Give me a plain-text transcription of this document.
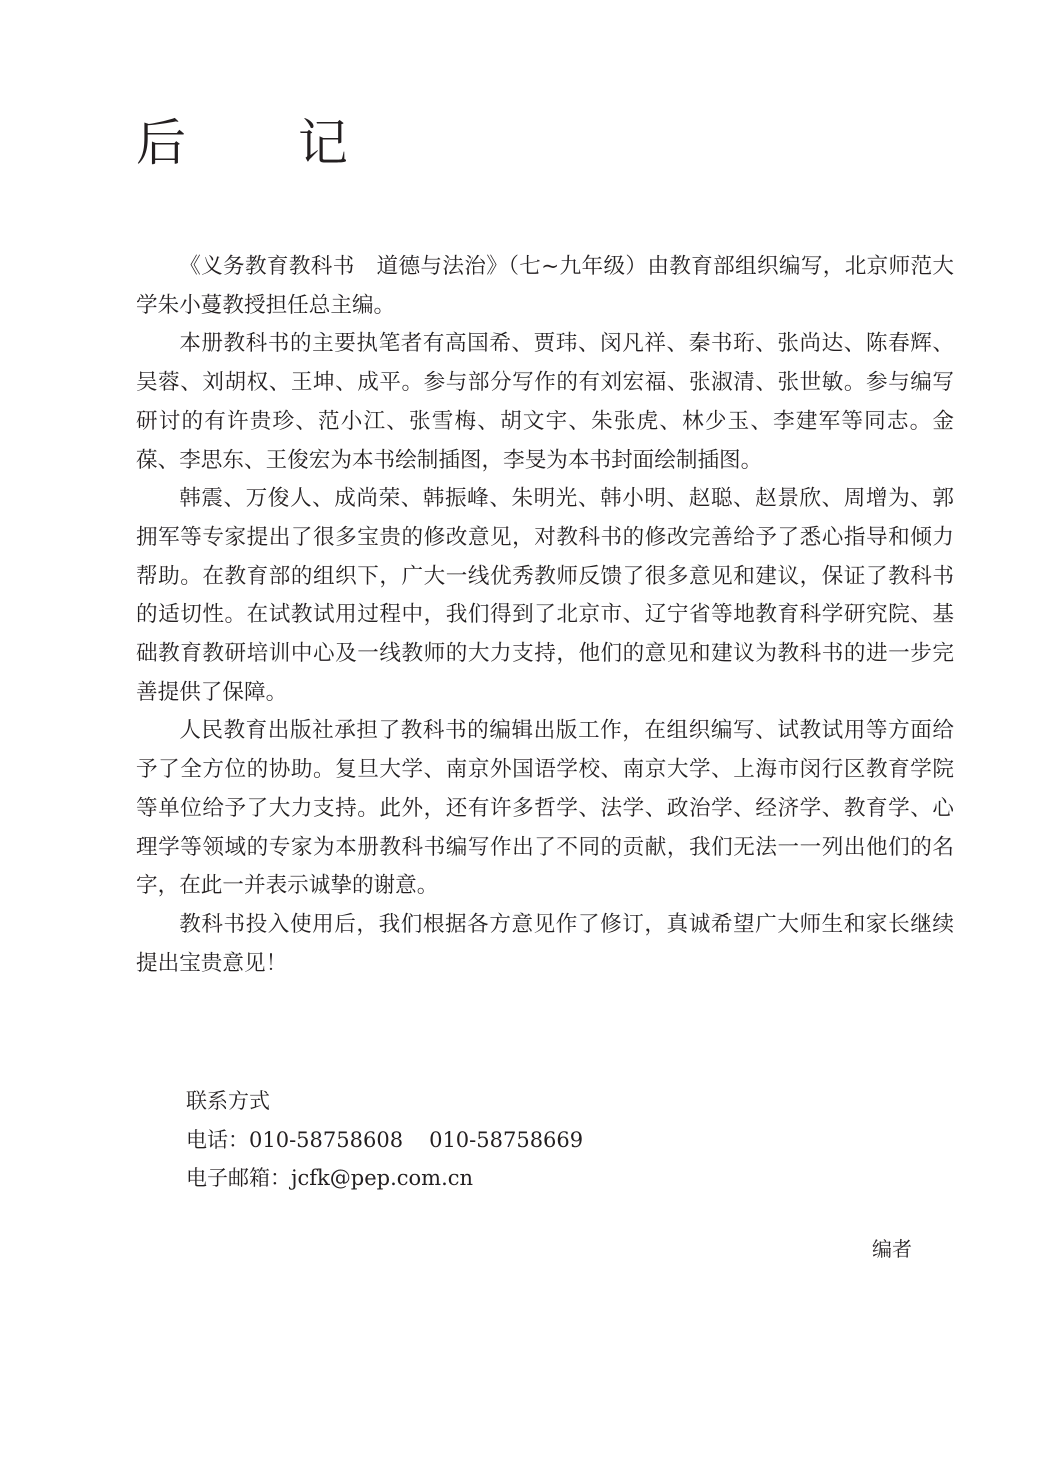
后 记

《义务教育教科书　道德与法治》（七~九年级）由教育部组织编写，北京师范大学朱小蔓教授担任总主编。

本册教科书的主要执笔者有高国希、贾玮、闵凡祥、秦书珩、张尚达、陈春辉、吴蓉、刘胡权、王坤、成平。参与部分写作的有刘宏福、张淑清、张世敏。参与编写研讨的有许贵珍、范小江、张雪梅、胡文宇、朱张虎、林少玉、李建军等同志。金葆、李思东、王俊宏为本书绘制插图，李旻为本书封面绘制插图。

韩震、万俊人、成尚荣、韩振峰、朱明光、韩小明、赵聪、赵景欣、周增为、郭拥军等专家提出了很多宝贵的修改意见，对教科书的修改完善给予了悉心指导和倾力帮助。在教育部的组织下，广大一线优秀教师反馈了很多意见和建议，保证了教科书的适切性。在试教试用过程中，我们得到了北京市、辽宁省等地教育科学研究院、基础教育教研培训中心及一线教师的大力支持，他们的意见和建议为教科书的进一步完善提供了保障。

人民教育出版社承担了教科书的编辑出版工作，在组织编写、试教试用等方面给予了全方位的协助。复旦大学、南京外国语学校、南京大学、上海市闵行区教育学院等单位给予了大力支持。此外，还有许多哲学、法学、政治学、经济学、教育学、心理学等领域的专家为本册教科书编写作出了不同的贡献，我们无法一一列出他们的名字，在此一并表示诚挚的谢意。

教科书投入使用后，我们根据各方意见作了修订，真诚希望广大师生和家长继续提出宝贵意见！

联系方式
电话：010-58758608 010-58758669
电子邮箱：jcfk@pep.com.cn
编者
